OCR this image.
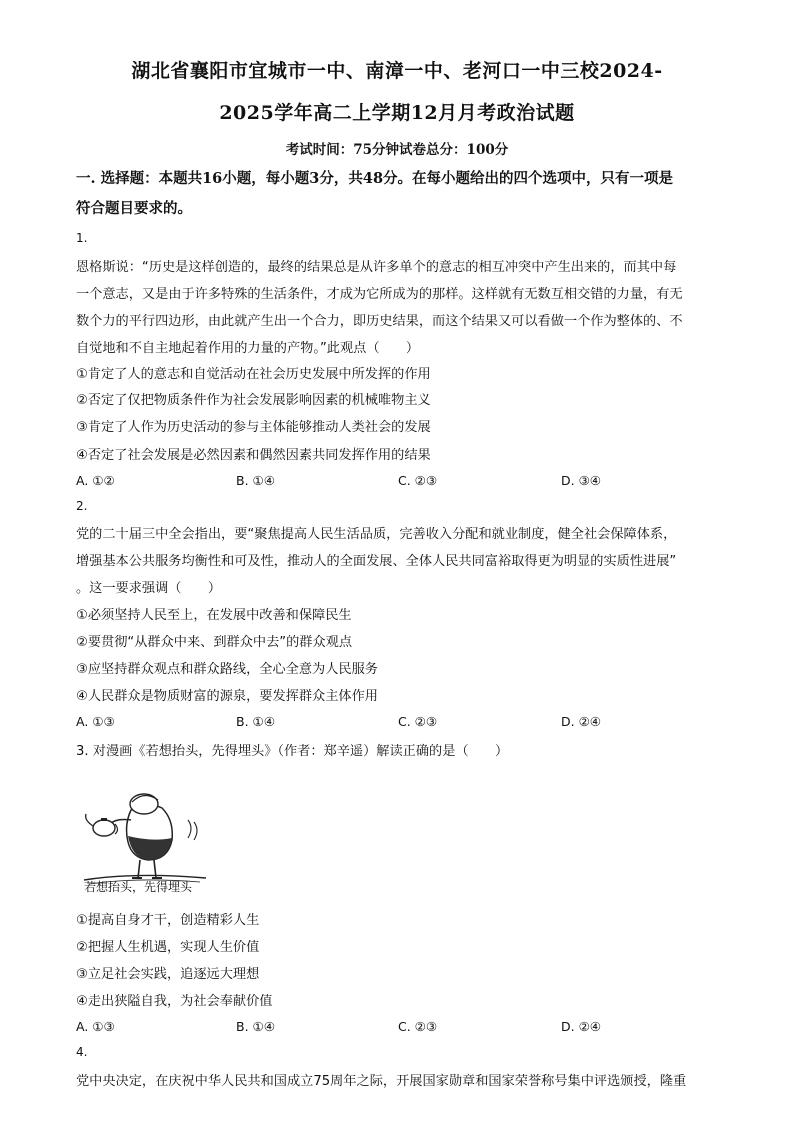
湖北省襄阳市宜城市一中、南漳一中、老河口一中三校2024-
2025学年高二上学期12月月考政治试题
考试时间：75分钟试卷总分：100分
一. 选择题：本题共16小题，每小题3分，共48分。在每小题给出的四个选项中，只有一项是
符合题目要求的。
1.
恩格斯说：“历史是这样创造的，最终的结果总是从许多单个的意志的相互冲突中产生出来的，而其中每
一个意志，又是由于许多特殊的生活条件，才成为它所成为的那样。这样就有无数互相交错的力量，有无
数个力的平行四边形，由此就产生出一个合力，即历史结果，而这个结果又可以看做一个作为整体的、不
自觉地和不自主地起着作用的力量的产物。”此观点（　　）
①肯定了人的意志和自觉活动在社会历史发展中所发挥的作用
②否定了仅把物质条件作为社会发展影响因素的机械唯物主义
③肯定了人作为历史活动的参与主体能够推动人类社会的发展
④否定了社会发展是必然因素和偶然因素共同发挥作用的结果
A. ①②	B. ①④	C. ②③	D. ③④
2.
党的二十届三中全会指出，要“聚焦提高人民生活品质，完善收入分配和就业制度，健全社会保障体系，
增强基本公共服务均衡性和可及性，推动人的全面发展、全体人民共同富裕取得更为明显的实质性进展”
。这一要求强调（　　）
①必须坚持人民至上，在发展中改善和保障民生
②要贯彻“从群众中来、到群众中去”的群众观点
③应坚持群众观点和群众路线，全心全意为人民服务
④人民群众是物质财富的源泉，要发挥群众主体作用
A. ①③	B. ①④	C. ②③	D. ②④
3. 对漫画《若想抬头，先得埋头》（作者：郑辛遥）解读正确的是（　　）
若想抬头，先得埋头
①提高自身才干，创造精彩人生
②把握人生机遇，实现人生价值
③立足社会实践，追逐远大理想
④走出狭隘自我，为社会奉献价值
A. ①③	B. ①④	C. ②③	D. ②④
4.
党中央决定，在庆祝中华人民共和国成立75周年之际，开展国家勋章和国家荣誉称号集中评选颁授，隆重
